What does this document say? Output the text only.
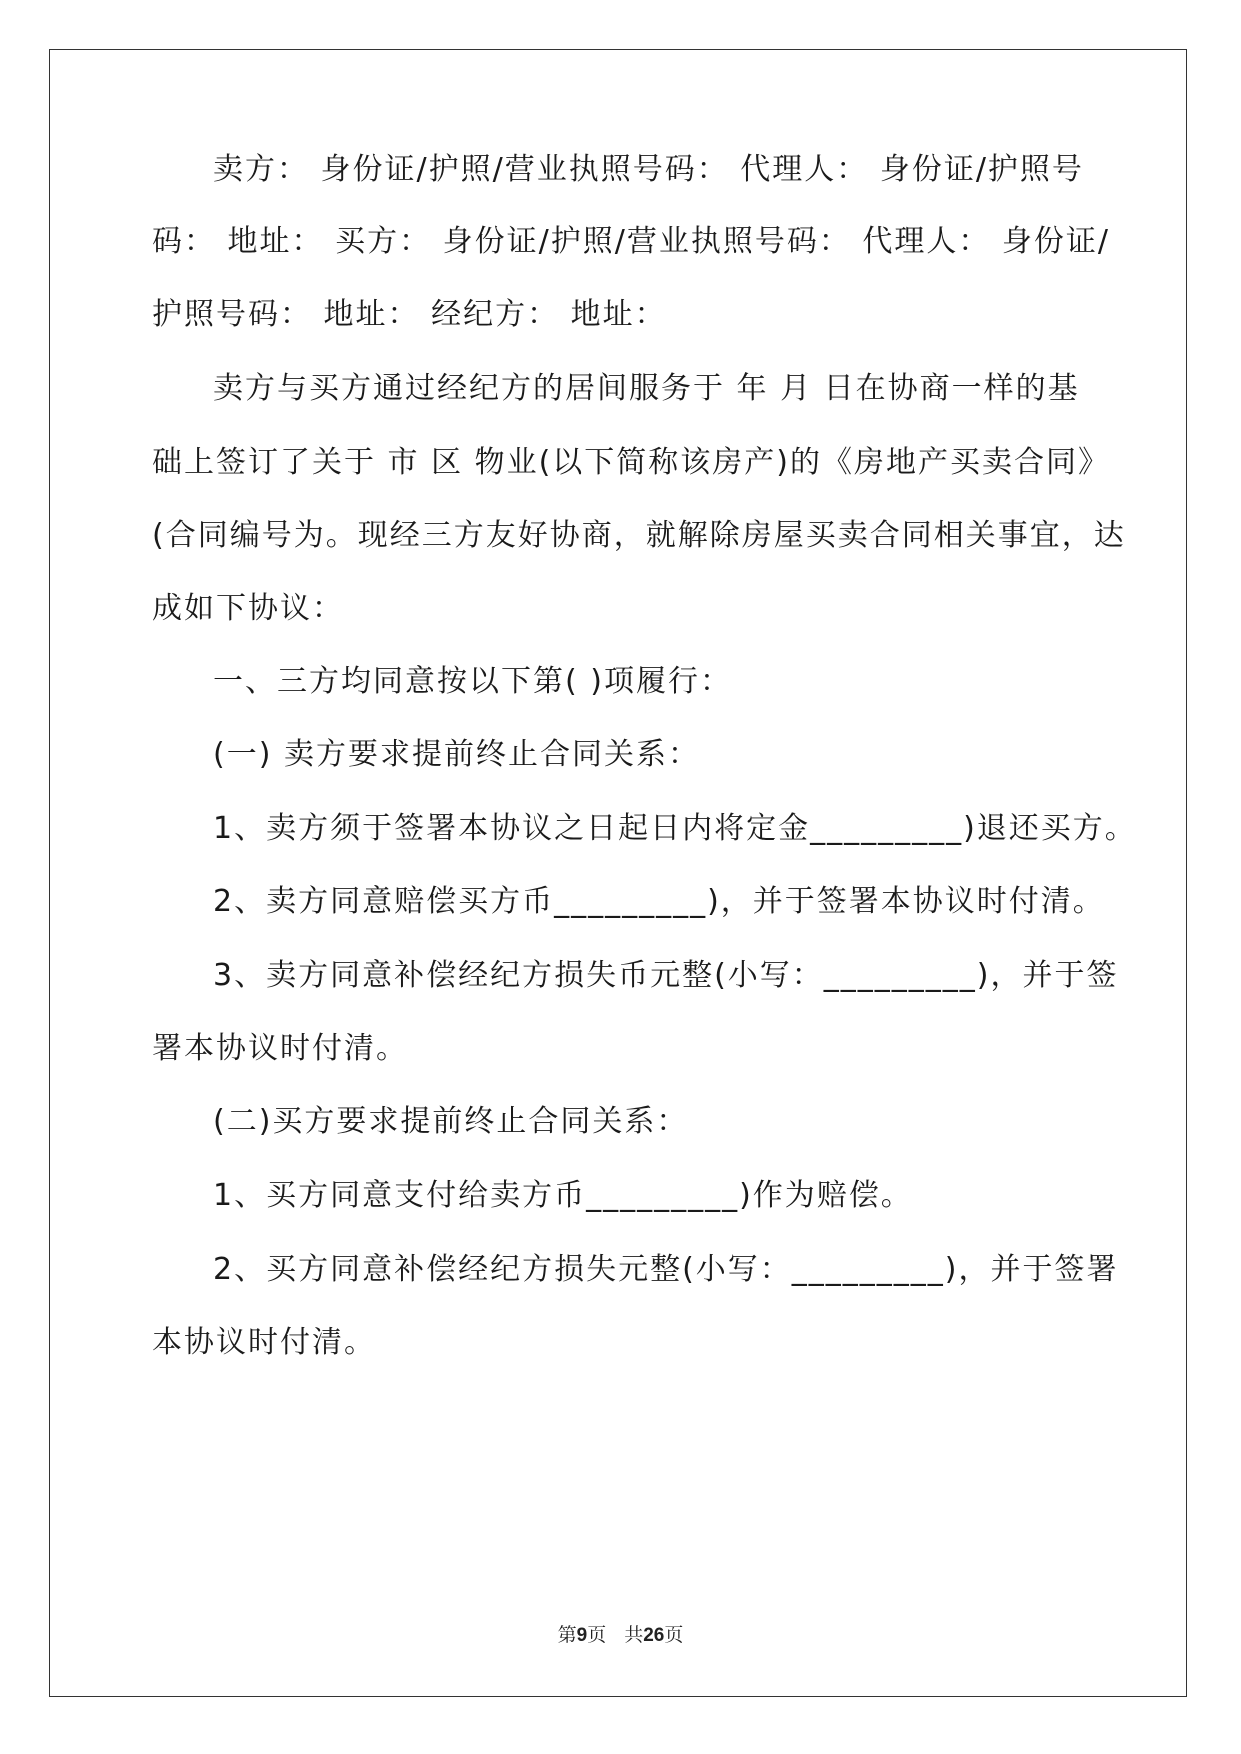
卖方： 身份证/护照/营业执照号码： 代理人： 身份证/护照号
码： 地址： 买方： 身份证/护照/营业执照号码： 代理人： 身份证/
护照号码： 地址： 经纪方： 地址：
卖方与买方通过经纪方的居间服务于 年 月 日在协商一样的基
础上签订了关于 市 区 物业(以下简称该房产)的《房地产买卖合同》
(合同编号为。现经三方友好协商，就解除房屋买卖合同相关事宜，达
成如下协议：
一、三方均同意按以下第( )项履行：
(一) 卖方要求提前终止合同关系：
1、卖方须于签署本协议之日起日内将定金_________)退还买方。
2、卖方同意赔偿买方币_________)，并于签署本协议时付清。
3、卖方同意补偿经纪方损失币元整(小写：_________)，并于签
署本协议时付清。
(二)买方要求提前终止合同关系：
1、买方同意支付给卖方币_________)作为赔偿。
2、买方同意补偿经纪方损失元整(小写：_________)，并于签署
本协议时付清。
第9页 共26页
